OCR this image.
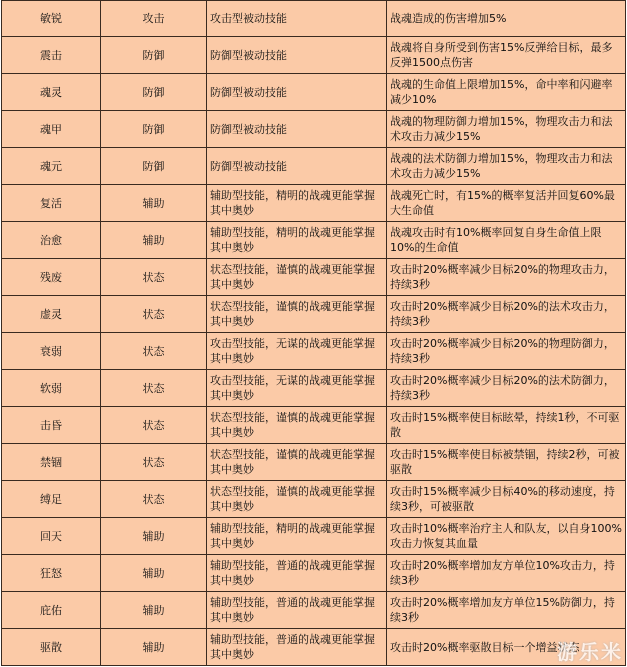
敏锐	攻击	攻击型被动技能	战魂造成的伤害增加5%
震击	防御	防御型被动技能	战魂将自身所受到伤害15%反弹给目标，最多反弹1500点伤害
魂灵	防御	防御型被动技能	战魂的生命值上限增加15%，命中率和闪避率减少10%
魂甲	防御	防御型被动技能	战魂的物理防御力增加15%，物理攻击力和法术攻击力减少15%
魂元	防御	防御型被动技能	战魂的法术防御力增加15%，物理攻击力和法术攻击力减少15%
复活	辅助	辅助型技能，精明的战魂更能掌握其中奥妙	战魂死亡时，有15%的概率复活并回复60%最大生命值
治愈	辅助	辅助型技能，精明的战魂更能掌握其中奥妙	战魂攻击时有10%概率回复自身生命值上限10%的生命值
残废	状态	状态型技能，谨慎的战魂更能掌握其中奥妙	攻击时20%概率减少目标20%的物理攻击力，持续3秒
虚灵	状态	状态型技能，谨慎的战魂更能掌握其中奥妙	攻击时20%概率减少目标20%的法术攻击力，持续3秒
衰弱	状态	攻击型技能，无谋的战魂更能掌握其中奥妙	攻击时20%概率减少目标20%的物理防御力，持续3秒
软弱	状态	攻击型技能，无谋的战魂更能掌握其中奥妙	攻击时20%概率减少目标20%的法术防御力，持续3秒
击昏	状态	状态型技能，谨慎的战魂更能掌握其中奥妙	攻击时15%概率使目标眩晕，持续1秒，不可驱散
禁锢	状态	状态型技能，谨慎的战魂更能掌握其中奥妙	攻击时15%概率使目标被禁锢，持续2秒，可被驱散
缚足	状态	状态型技能，谨慎的战魂更能掌握其中奥妙	攻击时15%概率减少目标40%的移动速度，持续3秒，可被驱散
回天	辅助	辅助型技能，精明的战魂更能掌握其中奥妙	攻击时10%概率治疗主人和队友，以自身100%攻击力恢复其血量
狂怒	辅助	辅助型技能，普通的战魂更能掌握其中奥妙	攻击时20%概率增加友方单位10%攻击力，持续3秒
庇佑	辅助	辅助型技能，普通的战魂更能掌握其中奥妙	攻击时20%概率增加友方单位15%防御力，持续3秒
驱散	辅助	辅助型技能，普通的战魂更能掌握其中奥妙	攻击时20%概率驱散目标一个增益状态
游乐米
